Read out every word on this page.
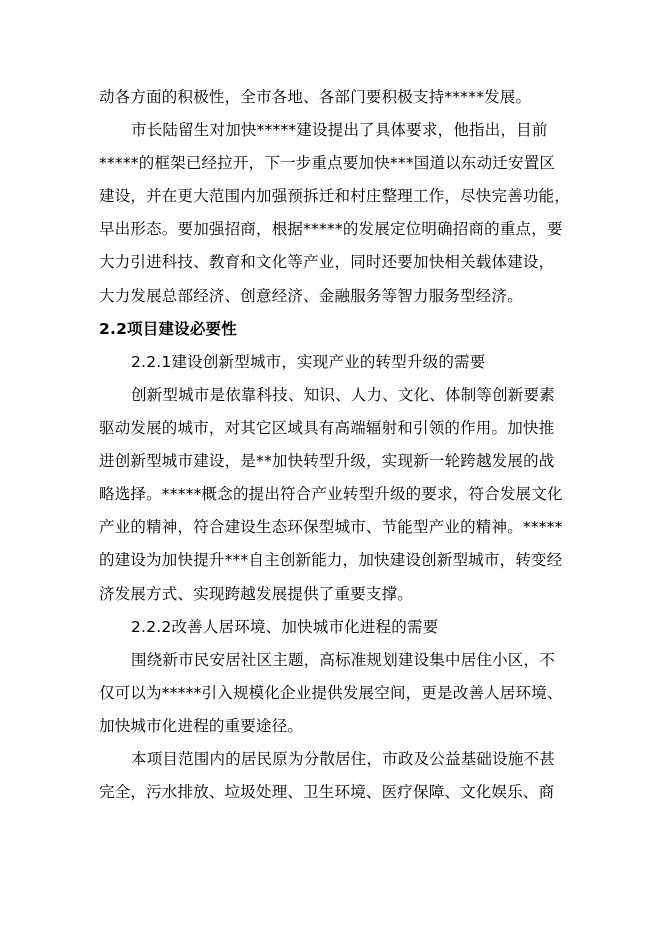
动各方面的积极性，全市各地、各部门要积极支持*****发展。
市长陆留生对加快*****建设提出了具体要求，他指出，目前
*****的框架已经拉开，下一步重点要加快***国道以东动迁安置区
建设，并在更大范围内加强预拆迁和村庄整理工作，尽快完善功能，
早出形态。要加强招商，根据*****的发展定位明确招商的重点，要
大力引进科技、教育和文化等产业，同时还要加快相关载体建设，
大力发展总部经济、创意经济、金融服务等智力服务型经济。
2.2项目建设必要性
2.2.1建设创新型城市，实现产业的转型升级的需要
创新型城市是依靠科技、知识、人力、文化、体制等创新要素
驱动发展的城市，对其它区域具有高端辐射和引领的作用。加快推
进创新型城市建设，是**加快转型升级，实现新一轮跨越发展的战
略选择。*****概念的提出符合产业转型升级的要求，符合发展文化
产业的精神，符合建设生态环保型城市、节能型产业的精神。*****
的建设为加快提升***自主创新能力，加快建设创新型城市，转变经
济发展方式、实现跨越发展提供了重要支撑。
2.2.2改善人居环境、加快城市化进程的需要
围绕新市民安居社区主题，高标准规划建设集中居住小区，不
仅可以为*****引入规模化企业提供发展空间，更是改善人居环境、
加快城市化进程的重要途径。
本项目范围内的居民原为分散居住，市政及公益基础设施不甚
完全，污水排放、垃圾处理、卫生环境、医疗保障、文化娱乐、商
